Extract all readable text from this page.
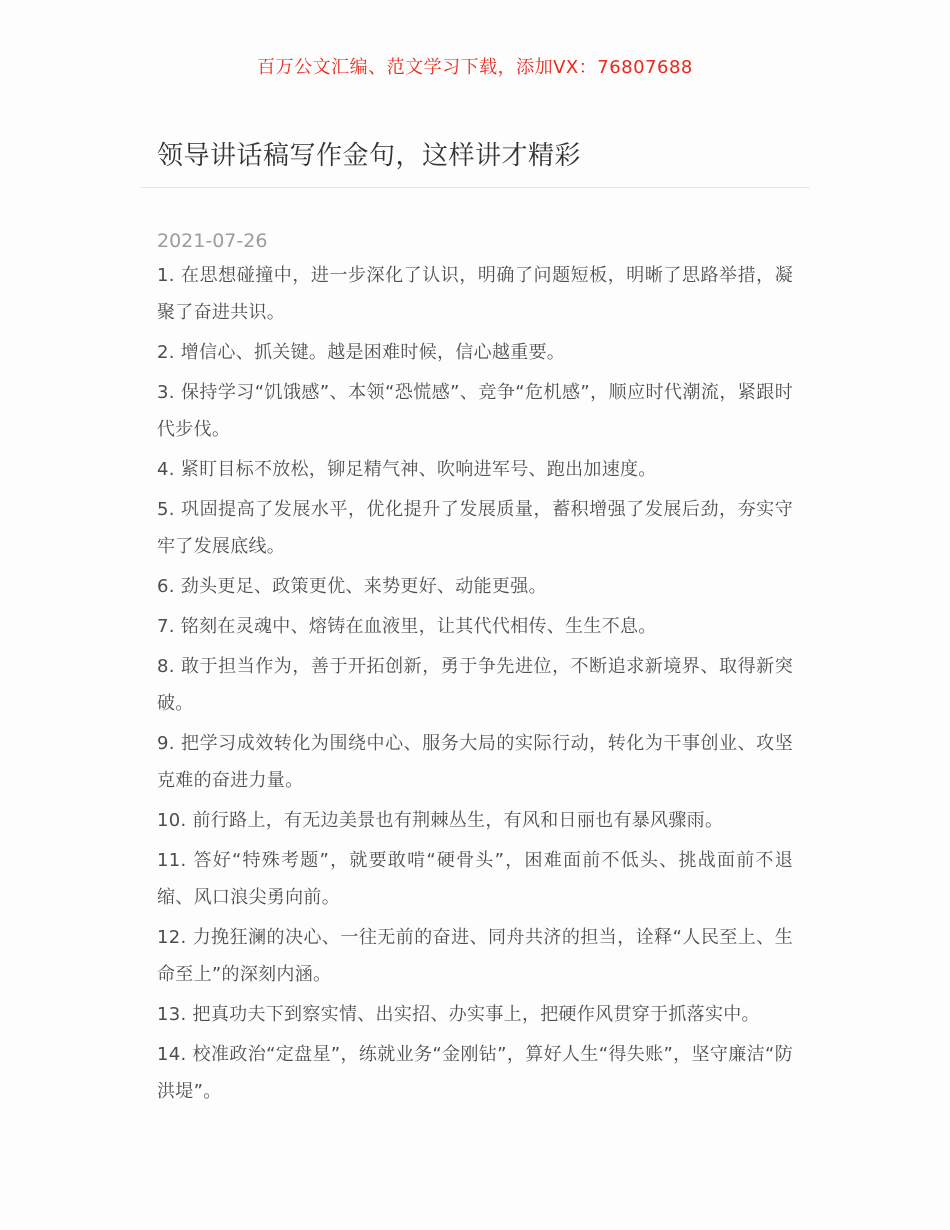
百万公文汇编、范文学习下载，添加VX：76807688
领导讲话稿写作金句，这样讲才精彩
2021-07-26

1. 在思想碰撞中，进一步深化了认识，明确了问题短板，明晰了思路举措，凝聚了奋进共识。

2. 增信心、抓关键。越是困难时候，信心越重要。

3. 保持学习“饥饿感”、本领“恐慌感”、竞争“危机感”，顺应时代潮流，紧跟时代步伐。

4. 紧盯目标不放松，铆足精气神、吹响进军号、跑出加速度。

5. 巩固提高了发展水平，优化提升了发展质量，蓄积增强了发展后劲，夯实守牢了发展底线。

6. 劲头更足、政策更优、来势更好、动能更强。

7. 铭刻在灵魂中、熔铸在血液里，让其代代相传、生生不息。

8. 敢于担当作为，善于开拓创新，勇于争先进位，不断追求新境界、取得新突破。

9. 把学习成效转化为围绕中心、服务大局的实际行动，转化为干事创业、攻坚克难的奋进力量。

10. 前行路上，有无边美景也有荆棘丛生，有风和日丽也有暴风骤雨。

11. 答好“特殊考题”，就要敢啃“硬骨头”，困难面前不低头、挑战面前不退缩、风口浪尖勇向前。

12. 力挽狂澜的决心、一往无前的奋进、同舟共济的担当，诠释“人民至上、生命至上”的深刻内涵。

13. 把真功夫下到察实情、出实招、办实事上，把硬作风贯穿于抓落实中。

14. 校准政治“定盘星”，练就业务“金刚钻”，算好人生“得失账”，坚守廉洁“防洪堤”。
